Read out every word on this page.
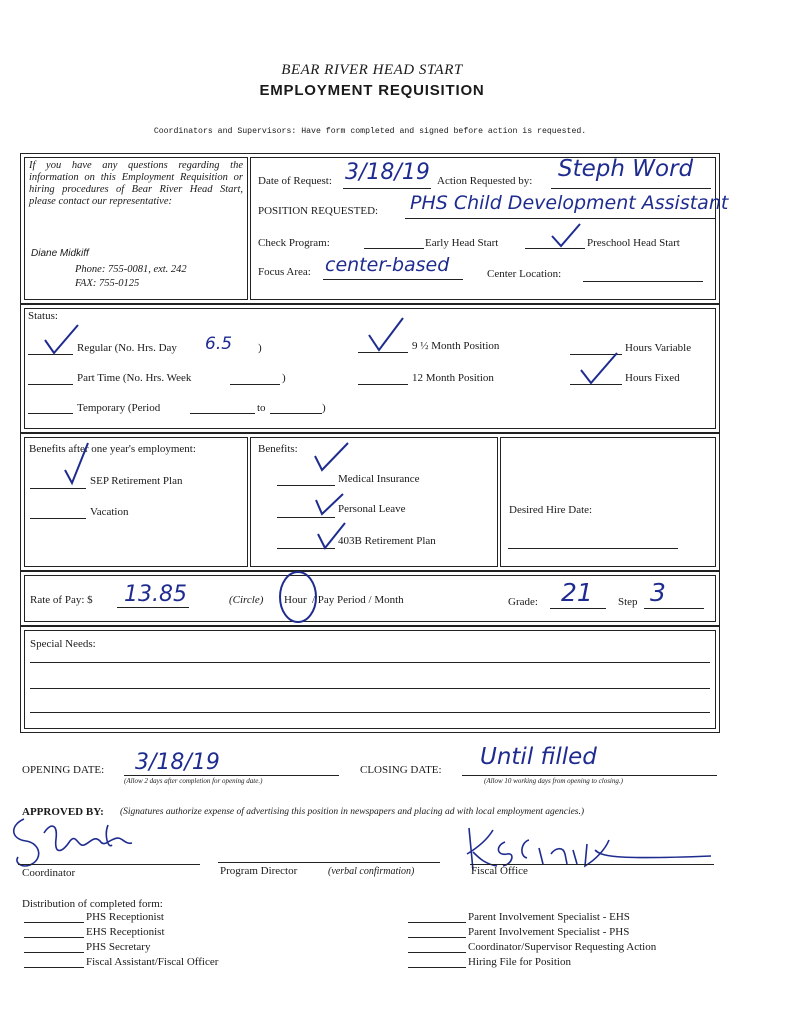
BEAR RIVER HEAD START
EMPLOYMENT REQUISITION
Coordinators and Supervisors: Have form completed and signed before action is requested.
If you have any questions regarding the information on this Employment Requisition or hiring procedures of Bear River Head Start, please contact our representative:
Diane Midkiff
Phone: 755-0081, ext. 242
FAX: 755-0125
Date of Request: 3/18/19 Action Requested by: Steph Word
POSITION REQUESTED: PHS Child Development Assistant
Check Program:	Early Head Start	Preschool Head Start
Focus Area: center-based	Center Location:
Status:
Regular (No. Hrs. Day 6.5 )	9 ½ Month Position	Hours Variable
Part Time (No. Hrs. Week	)	12 Month Position	Hours Fixed
Temporary (Period	to	)
Benefits after one year's employment:
SEP Retirement Plan
Vacation
Benefits:
Medical Insurance
Personal Leave
403B Retirement Plan
Desired Hire Date:
Rate of Pay: $ 13.85	(Circle) Hour / Pay Period / Month	Grade: 21 Step 3
Special Needs:
OPENING DATE: 3/18/19
(Allow 2 days after completion for opening date.)
CLOSING DATE: Until filled
(Allow 10 working days from opening to closing.)
APPROVED BY: (Signatures authorize expense of advertising this position in newspapers and placing ad with local employment agencies.)
Coordinator	Program Director	(verbal confirmation)	Fiscal Office
Distribution of completed form:
PHS Receptionist
EHS Receptionist
PHS Secretary
Fiscal Assistant/Fiscal Officer
Parent Involvement Specialist - EHS
Parent Involvement Specialist - PHS
Coordinator/Supervisor Requesting Action
Hiring File for Position
